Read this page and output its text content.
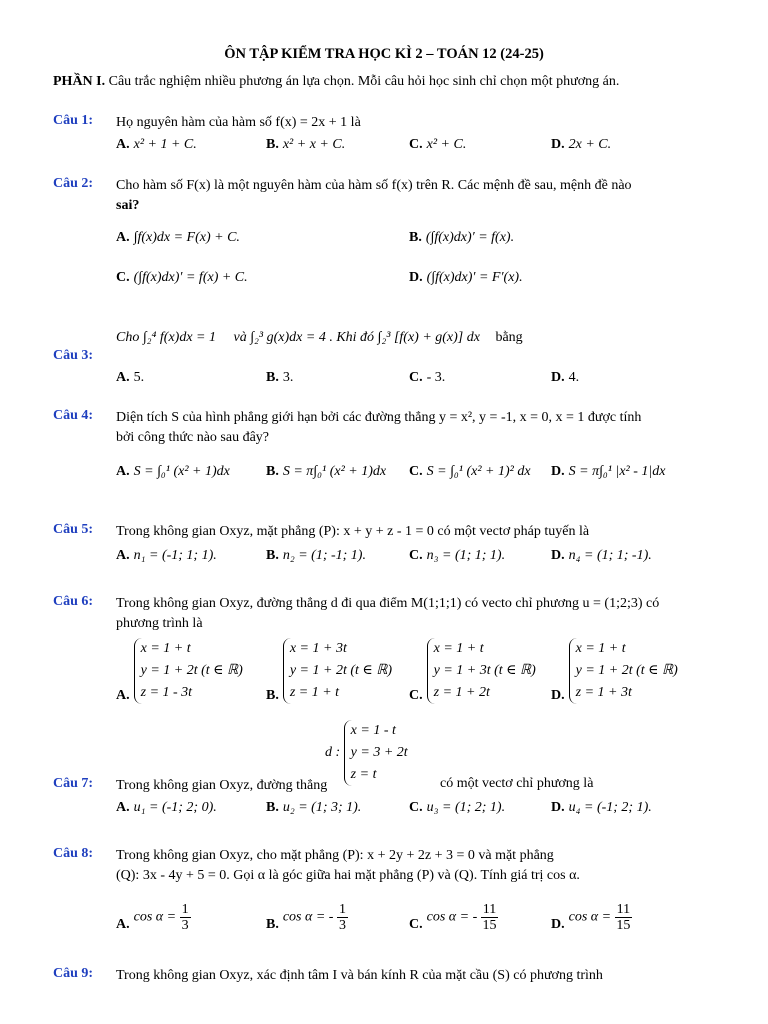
ÔN TẬP KIỂM TRA HỌC KÌ 2 – TOÁN 12 (24-25)
PHẦN I. Câu trắc nghiệm nhiều phương án lựa chọn. Mỗi câu hỏi học sinh chỉ chọn một phương án.
Câu 1: Họ nguyên hàm của hàm số f(x) = 2x + 1 là
A. x² + 1 + C.	B. x² + x + C.	C. x² + C.	D. 2x + C.
Câu 2: Cho hàm số F(x) là một nguyên hàm của hàm số f(x) trên R. Các mệnh đề sau, mệnh đề nào
sai?
A. ∫f(x)dx = F(x) + C.	B. (∫f(x)dx)′ = f(x).
C. (∫f(x)dx)′ = f(x) + C.	D. (∫f(x)dx)′ = F′(x).
Câu 3:
Cho ∫₂⁴ f(x)dx = 1 và ∫₂³ g(x)dx = 4 . Khi đó ∫₂³ [f(x) + g(x)] dx bằng
A. 5.	B. 3.	C. - 3.	D. 4.
Câu 4: Diện tích S của hình phẳng giới hạn bởi các đường thẳng y = x², y = -1, x = 0, x = 1 được tính
bởi công thức nào sau đây?
A. S = ∫₀¹ (x² + 1)dx	B. S = π∫₀¹ (x² + 1)dx C. S = ∫₀¹ (x² + 1)² dx D. S = π∫₀¹ |x² - 1|dx
Câu 5: Trong không gian Oxyz, mặt phẳng (P): x + y + z - 1 = 0 có một vectơ pháp tuyến là
A. n₁ = (-1; 1; 1).	B. n₂ = (1; -1; 1).	C. n₃ = (1; 1; 1).	D. n₄ = (1; 1; -1).
Câu 6: Trong không gian Oxyz, đường thẳng d đi qua điểm M(1;1;1) có vecto chỉ phương u = (1;2;3) có
phương trình là
A.x = 1 + t
y = 1 + 2t (t ∈ ℝ)
z = 1 - 3t	B.x = 1 + 3t
y = 1 + 2t (t ∈ ℝ)
z = 1 + t	C.x = 1 + t
y = 1 + 3t (t ∈ ℝ)
z = 1 + 2t	D.x = 1 + t
y = 1 + 2t (t ∈ ℝ)
z = 1 + 3t
d : x = 1 - t
y = 3 + 2t
z = t
Câu 7: Trong không gian Oxyz, đường thẳng	có một vectơ chỉ phương là
A. u₁ = (-1; 2; 0).	B. u₂ = (1; 3; 1).	C. u₃ = (1; 2; 1).	D. u₄ = (-1; 2; 1).
Câu 8: Trong không gian Oxyz, cho mặt phẳng (P): x + 2y + 2z + 3 = 0 và mặt phẳng
(Q): 3x - 4y + 5 = 0. Gọi α là góc giữa hai mặt phẳng (P) và (Q). Tính giá trị cos α.
A. $\cos \alpha = \frac{1}{3}$	B. cos α = - $\frac{1}{3}$	C. cos α = - $\frac{11}{15}$	D. $\cos \alpha = \frac{11}{15}$
Câu 9: Trong không gian Oxyz, xác định tâm I và bán kính R của mặt cầu (S) có phương trình
